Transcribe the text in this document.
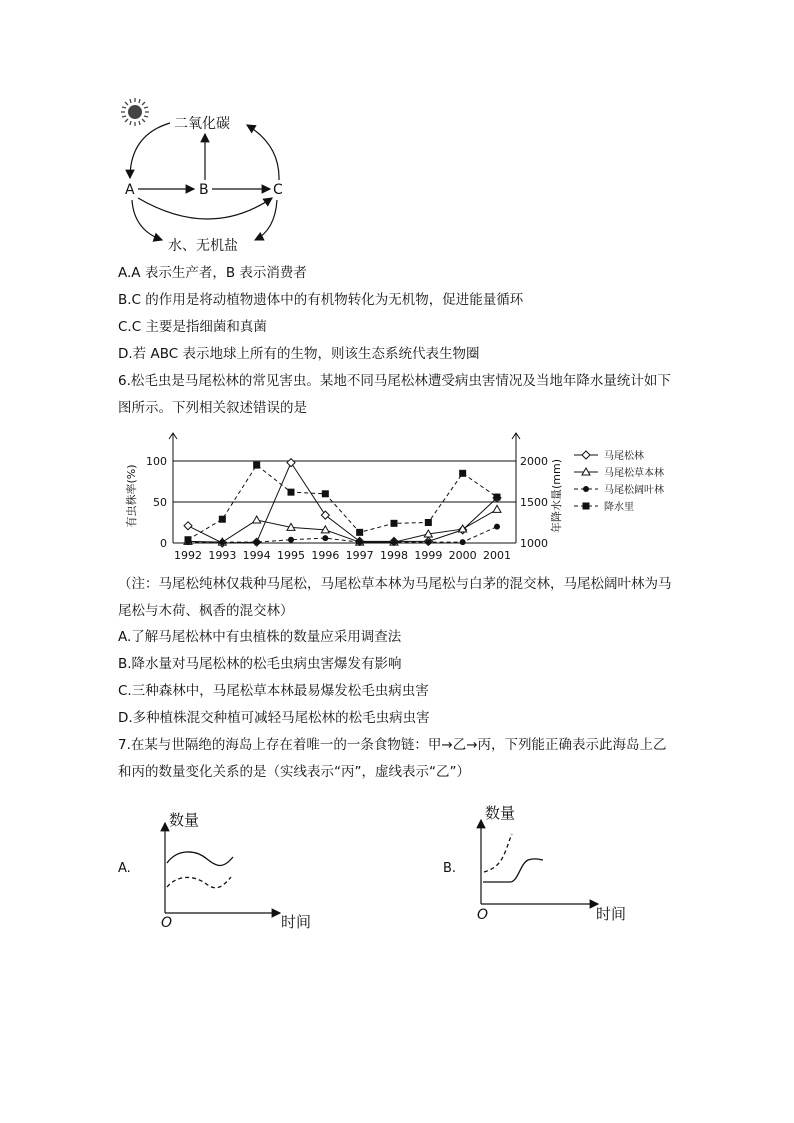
二氧化碳
A	B	C
水、无机盐
A.A 表示生产者，B 表示消费者
B.C 的作用是将动植物遗体中的有机物转化为无机物，促进能量循环
C.C 主要是指细菌和真菌
D.若 ABC 表示地球上所有的生物，则该生态系统代表生物圈
6.松毛虫是马尾松林的常见害虫。某地不同马尾松林遭受病虫害情况及当地年降水量统计如下图所示。下列相关叙述错误的是
0
50
100
1000
1500
2000
1992 1993 1994 1995 1996 1997 1998 1999 2000 2001
有虫株率(%)	年降水量(mm)
马尾松林
马尾松草本林
马尾松阔叶林
降水里
（注：马尾松纯林仅栽种马尾松，马尾松草本林为马尾松与白茅的混交林，马尾松阔叶林为马尾松与木荷、枫香的混交林）
A.了解马尾松林中有虫植株的数量应采用调查法
B.降水量对马尾松林的松毛虫病虫害爆发有影响
C.三种森林中，马尾松草本林最易爆发松毛虫病虫害
D.多种植株混交种植可减轻马尾松林的松毛虫病虫害
7.在某与世隔绝的海岛上存在着唯一的一条食物链：甲→乙→丙，下列能正确表示此海岛上乙和丙的数量变化关系的是（实线表示“丙”，虚线表示“乙”）
A.
数量
O	时间
B.
数量
O	时间
